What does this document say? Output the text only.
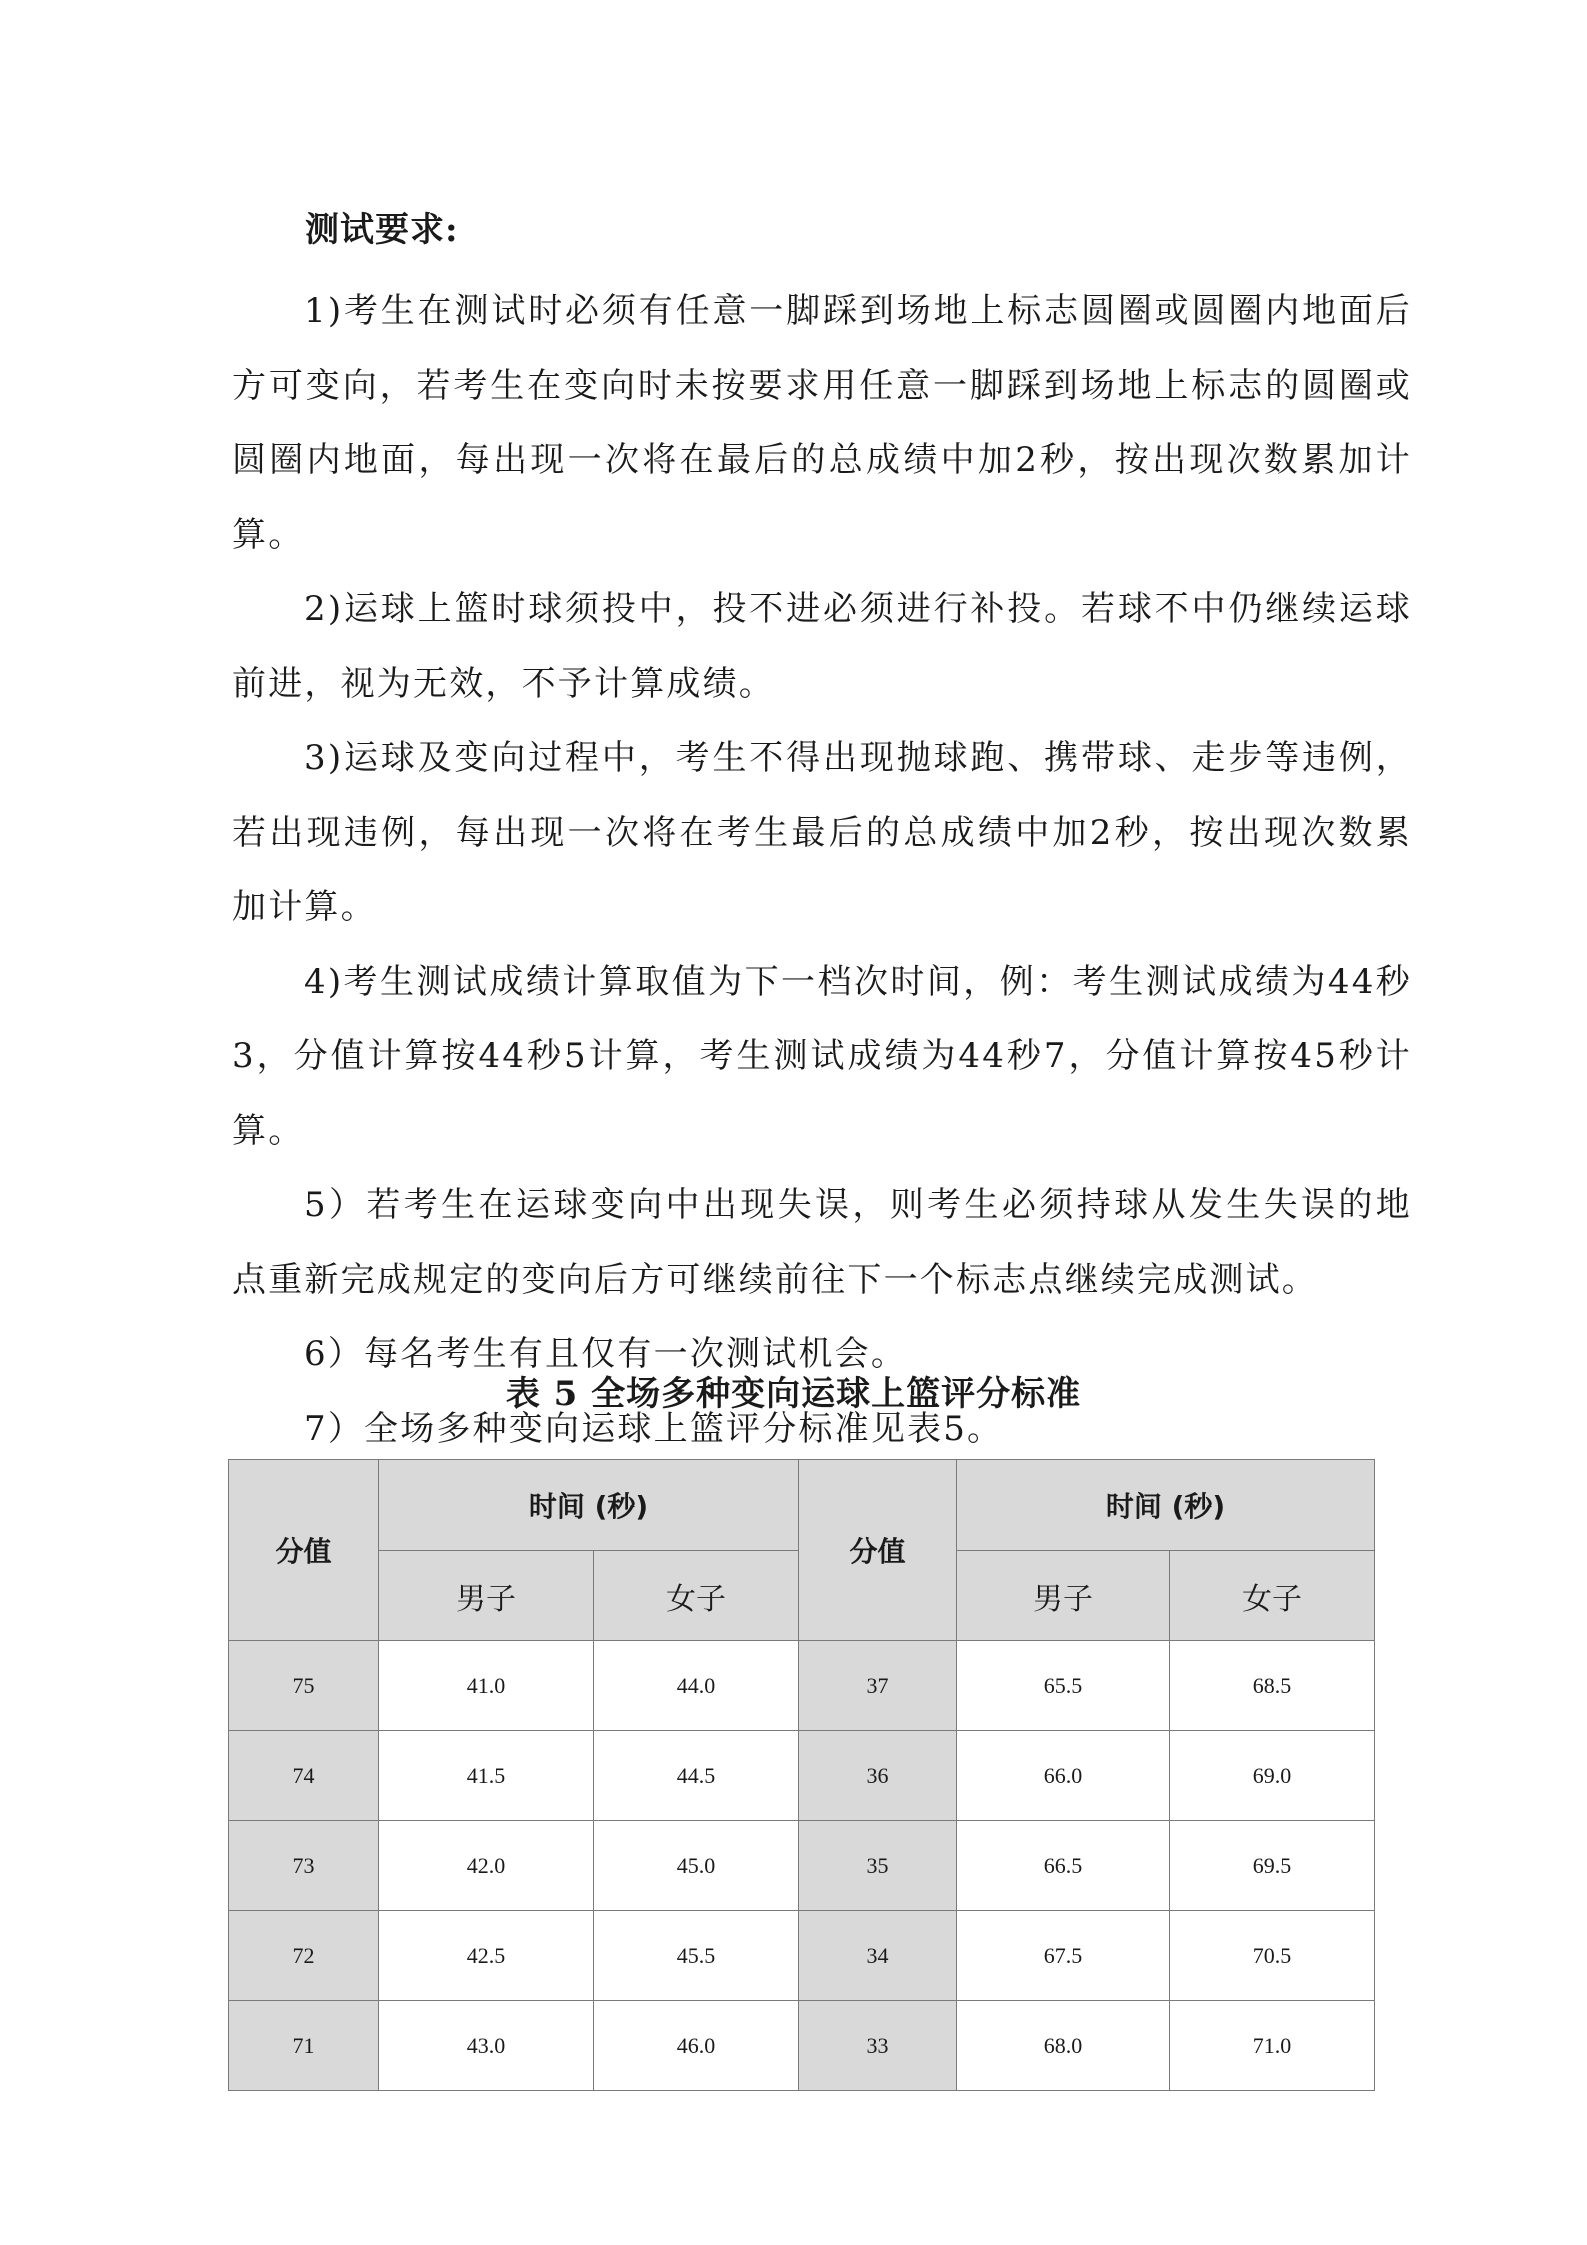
测试要求:

1)考生在测试时必须有任意一脚踩到场地上标志圆圈或圆圈内地面后方可变向，若考生在变向时未按要求用任意一脚踩到场地上标志的圆圈或圆圈内地面，每出现一次将在最后的总成绩中加2秒，按出现次数累加计算。

2)运球上篮时球须投中，投不进必须进行补投。若球不中仍继续运球前进，视为无效，不予计算成绩。

3)运球及变向过程中，考生不得出现抛球跑、携带球、走步等违例，若出现违例，每出现一次将在考生最后的总成绩中加2秒，按出现次数累加计算。

4)考生测试成绩计算取值为下一档次时间，例：考生测试成绩为44秒3，分值计算按44秒5计算，考生测试成绩为44秒7，分值计算按45秒计算。

5）若考生在运球变向中出现失误，则考生必须持球从发生失误的地点重新完成规定的变向后方可继续前往下一个标志点继续完成测试。

6）每名考生有且仅有一次测试机会。

7）全场多种变向运球上篮评分标准见表5。

表 5 全场多种变向运球上篮评分标准
分值	时间 (秒)		分值	时间 (秒)	
	男子	女子		男子	女子
75	41.0	44.0	37	65.5	68.5
74	41.5	44.5	36	66.0	69.0
73	42.0	45.0	35	66.5	69.5
72	42.5	45.5	34	67.5	70.5
71	43.0	46.0	33	68.0	71.0
